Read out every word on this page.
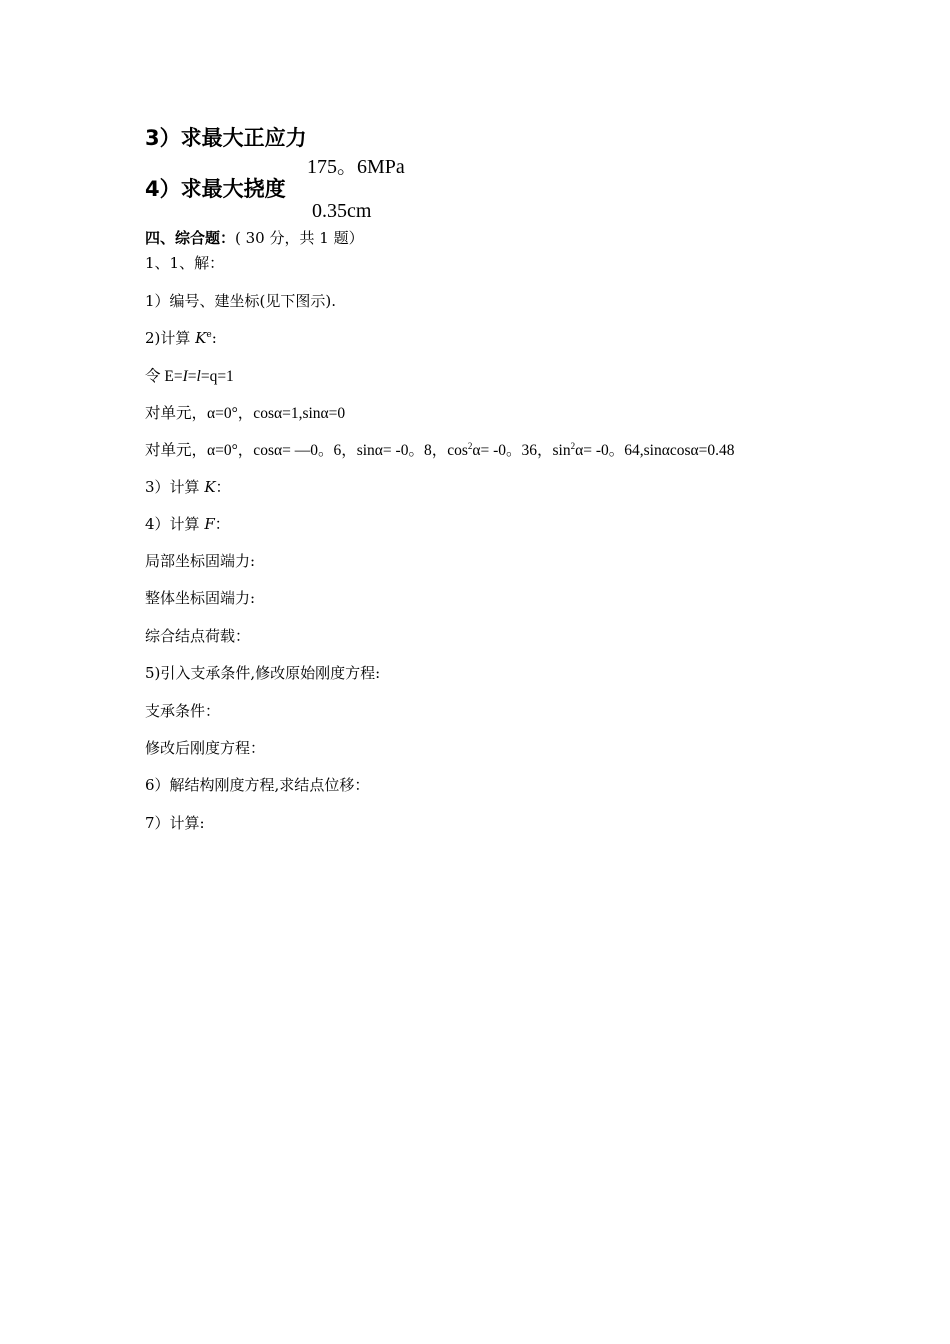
3）求最大正应力
175。6MPa
4）求最大挠度
0.35cm
四、综合题：( 30 分，共 1 题）
1、1、解：
1）编号、建坐标(见下图示).
2)计算 $K^e$:
令 E=I=l=q=1
对单元，α=0°，cosα=1,sinα=0
对单元，α=0°，cosα= —0。6，sinα= -0。8，$\cos^2\alpha= -0$。36，$\sin^2\alpha= -0$。64,sinαcosα=0.48
3）计算 K：
4）计算 F：
局部坐标固端力:
整体坐标固端力:
综合结点荷载：
5)引入支承条件,修改原始刚度方程:
支承条件：
修改后刚度方程：
6）解结构刚度方程,求结点位移：
7）计算:
